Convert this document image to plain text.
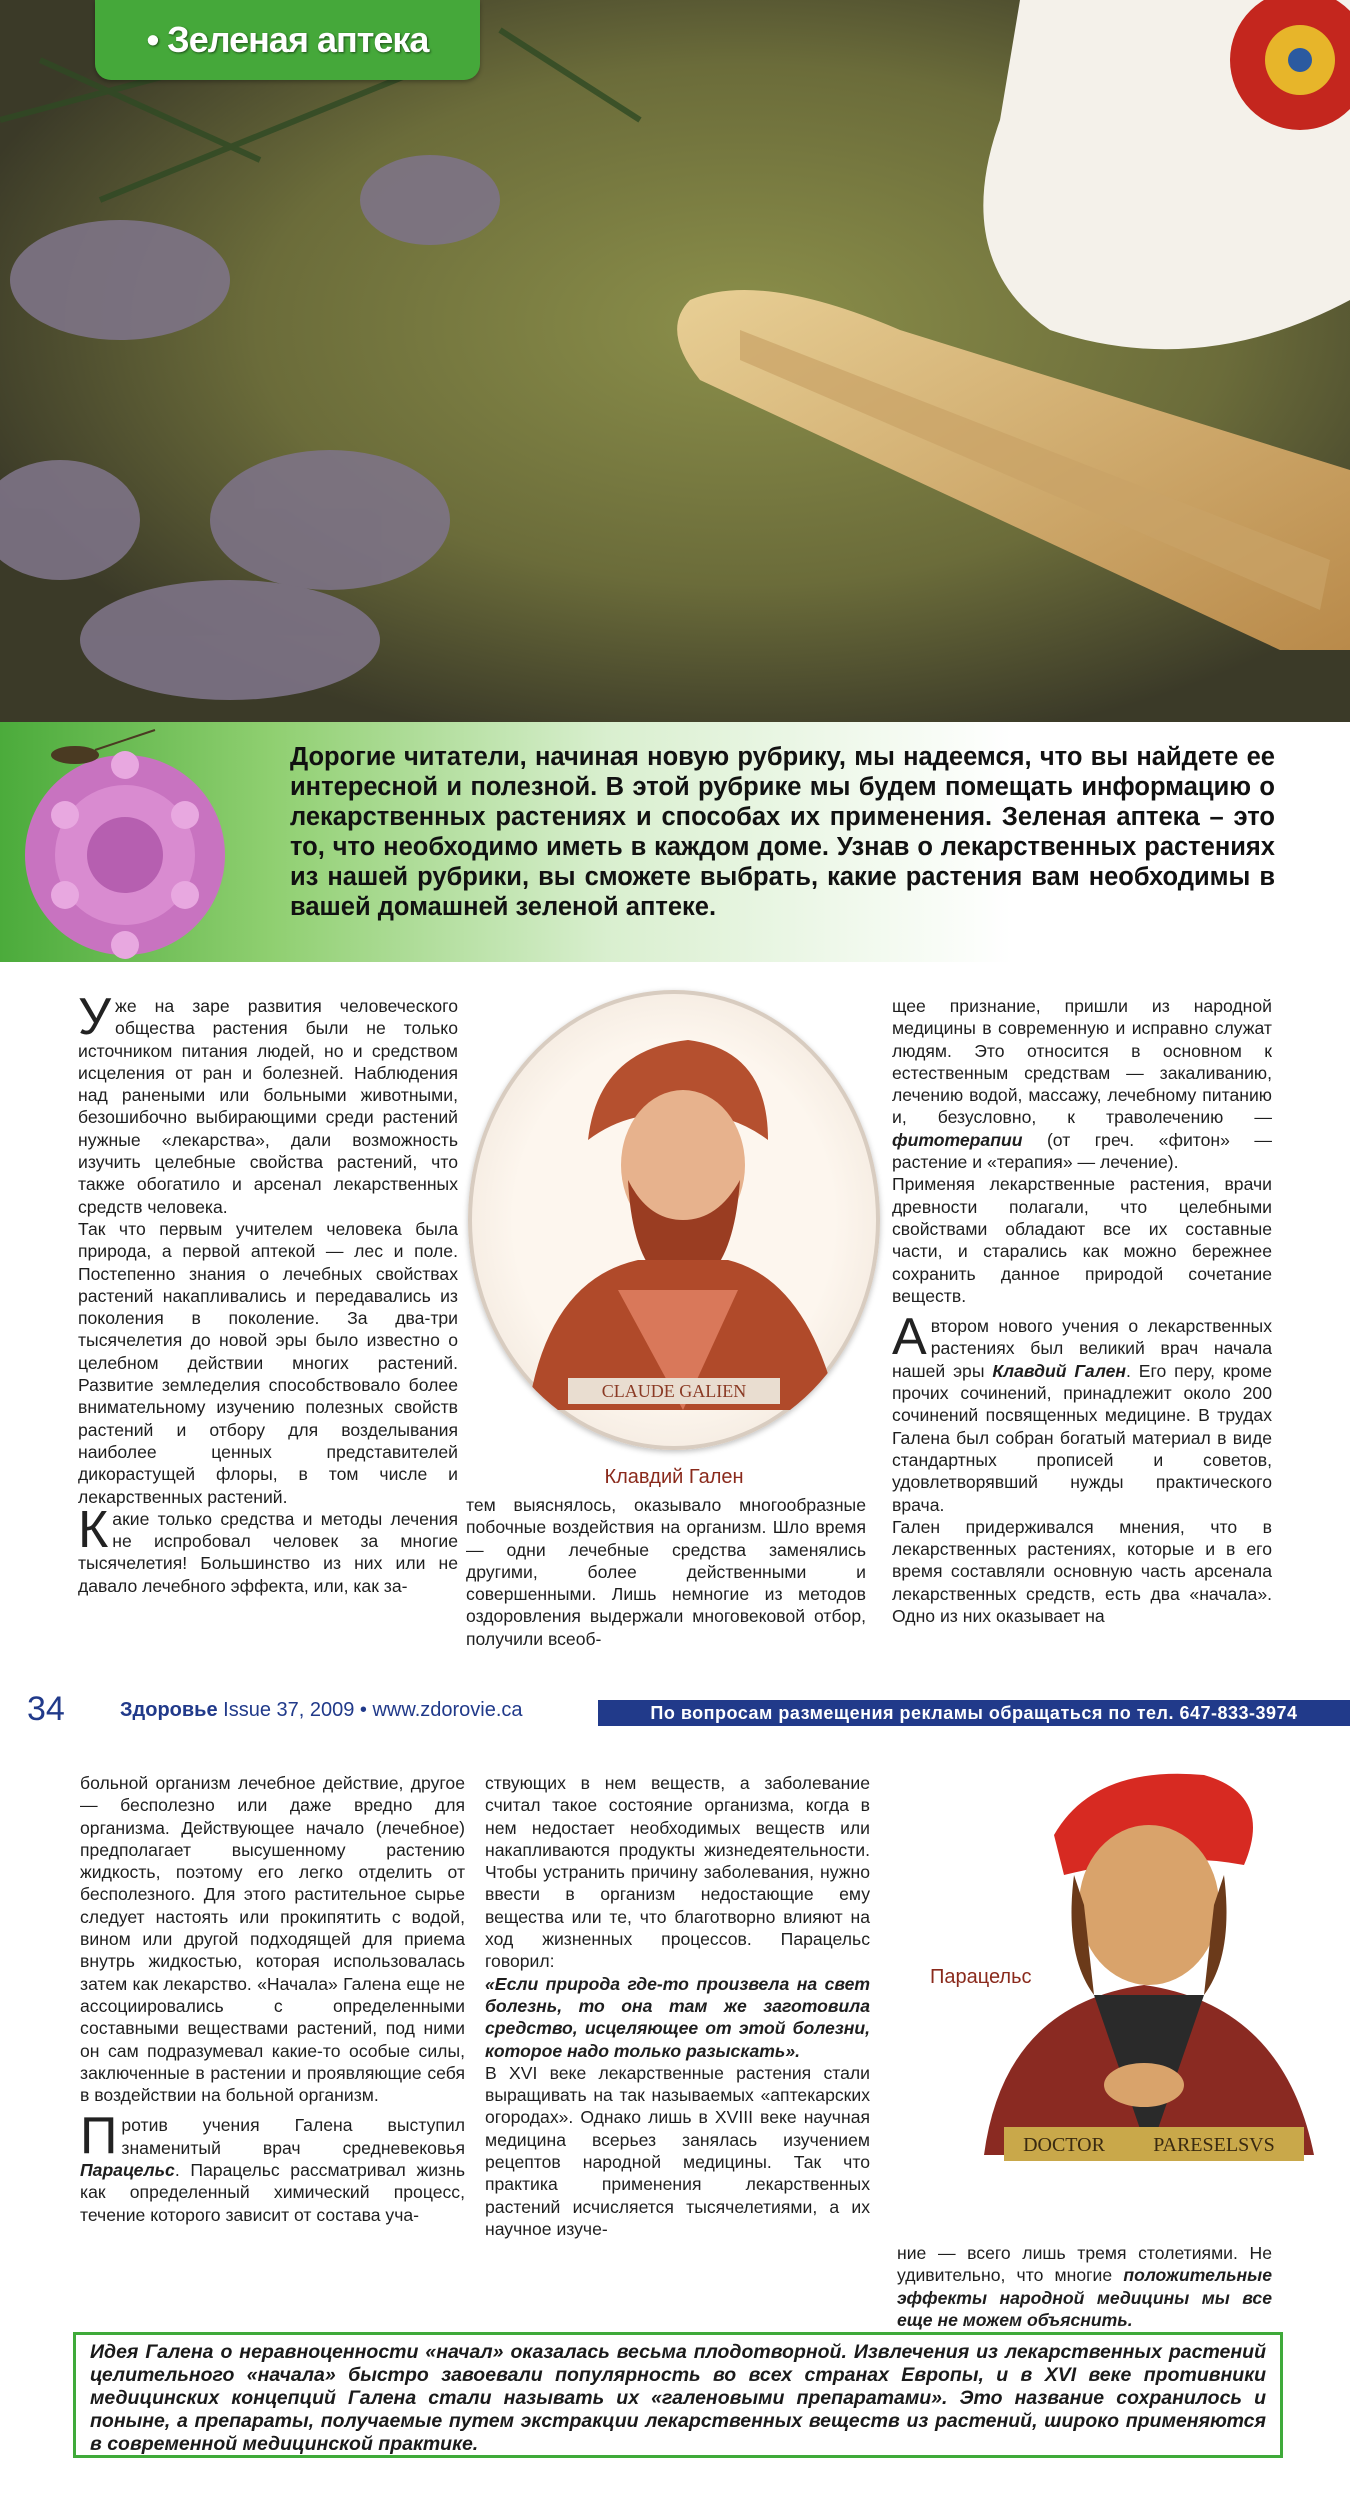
• Зеленая аптека
Дорогие читатели, начиная новую рубрику, мы надеемся, что вы найдете ее интересной и полезной. В этой рубрике мы будем помещать информацию о лекарственных растениях и способах их применения. Зеленая аптека – это то, что необходимо иметь в каждом доме. Узнав о лекарственных растениях из нашей рубрики, вы сможете выбрать, какие растения вам необходимы в вашей домашней зеленой аптеке.

Уже на заре развития человеческого общества растения были не только источником питания людей, но и средством исцеления от ран и болезней. Наблюдения над ранеными или больными животными, безошибочно выбирающими среди растений нужные «лекарства», дали возможность изучить целебные свойства растений, что также обогатило и арсенал лекарственных средств человека.

Так что первым учителем человека была природа, а первой аптекой — лес и поле. Постепенно знания о лечебных свойствах растений накапливались и передавались из поколения в поколение. За два-три тысячелетия до новой эры было известно о целебном действии многих растений. Развитие земледелия способствовало более внимательному изучению полезных свойств растений и отбору для возделывания наиболее ценных представителей дикорастущей флоры, в том числе и лекарственных растений.

Какие только средства и методы лечения не испробовал человек за многие тысячелетия! Большинство из них или не давало лечебного эффекта, или, как за-

CLAUDE GALIEN
Клавдий Гален

тем выяснялось, оказывало многообразные побочные воздействия на организм. Шло время — одни лечебные средства заменялись другими, более действенными и совершенными. Лишь немногие из методов оздоровления выдержали многовековой отбор, получили всеоб-

щее признание, пришли из народной медицины в современную и исправно служат людям. Это относится в основном к естественным средствам — закаливанию, лечению водой, массажу, лечебному питанию и, безусловно, к траволечению — фитотерапии (от греч. «фитон» — растение и «терапия» — лечение).

Применяя лекарственные растения, врачи древности полагали, что целебными свойствами обладают все их составные части, и старались как можно бережнее сохранить данное природой сочетание веществ.

Автором нового учения о лекарственных растениях был великий врач начала нашей эры Клавдий Гален. Его перу, кроме прочих сочинений, принадлежит около 200 сочинений посвященных медицине. В трудах Галена был собран богатый материал в виде стандартных прописей и советов, удовлетворявший нужды практического врача.

Гален придерживался мнения, что в лекарственных растениях, которые и в его время составляли основную часть арсенала лекарственных средств, есть два «начала». Одно из них оказывает на

34	Здоровье Issue 37, 2009 • www.zdorovie.ca	По вопросам размещения рекламы обращаться по тел. 647-833-3974

больной организм лечебное действие, другое — бесполезно или даже вредно для организма. Действующее начало (лечебное) предполагает высушенному растению жидкость, поэтому его легко отделить от бесполезного. Для этого растительное сырье следует настоять или прокипятить с водой, вином или другой подходящей для приема внутрь жидкостью, которая использовалась затем как лекарство. «Начала» Галена еще не ассоциировались с определенными составными веществами растений, под ними он сам подразумевал какие-то особые силы, заключенные в растении и проявляющие себя в воздействии на больной организм.

Против учения Галена выступил знаменитый врач средневековья Парацельс. Парацельс рассматривал жизнь как определенный химический процесс, течение которого зависит от состава уча-

ствующих в нем веществ, а заболевание считал такое состояние организма, когда в нем недостает необходимых веществ или накапливаются продукты жизнедеятельности. Чтобы устранить причину заболевания, нужно ввести в организм недостающие ему вещества или те, что благотворно влияют на ход жизненных процессов. Парацельс говорил:

«Если природа где-то произвела на свет болезнь, то она там же заготовила средство, исцеляющее от этой болезни, которое надо только разыскать».

В XVI веке лекарственные растения стали выращивать на так называемых «аптекарских огородах». Однако лишь в XVIII веке научная медицина всерьез занялась изучением рецептов народной медицины. Так что практика применения лекарственных растений исчисляется тысячелетиями, а их научное изуче-

DOCTOR PARESELSVS
Парацельс

ние — всего лишь тремя столетиями. Не удивительно, что многие положительные эффекты народной медицины мы все еще не можем объяснить.

Идея Галена о неравноценности «начал» оказалась весьма плодотворной. Извлечения из лекарственных растений целительного «начала» быстро завоевали популярность во всех странах Европы, и в XVI веке противники медицинских концепций Галена стали называть их «галеновыми препаратами». Это название сохранилось и поныне, а препараты, получаемые путем экстракции лекарственных веществ из растений, широко применяются в современной медицинской практике.
